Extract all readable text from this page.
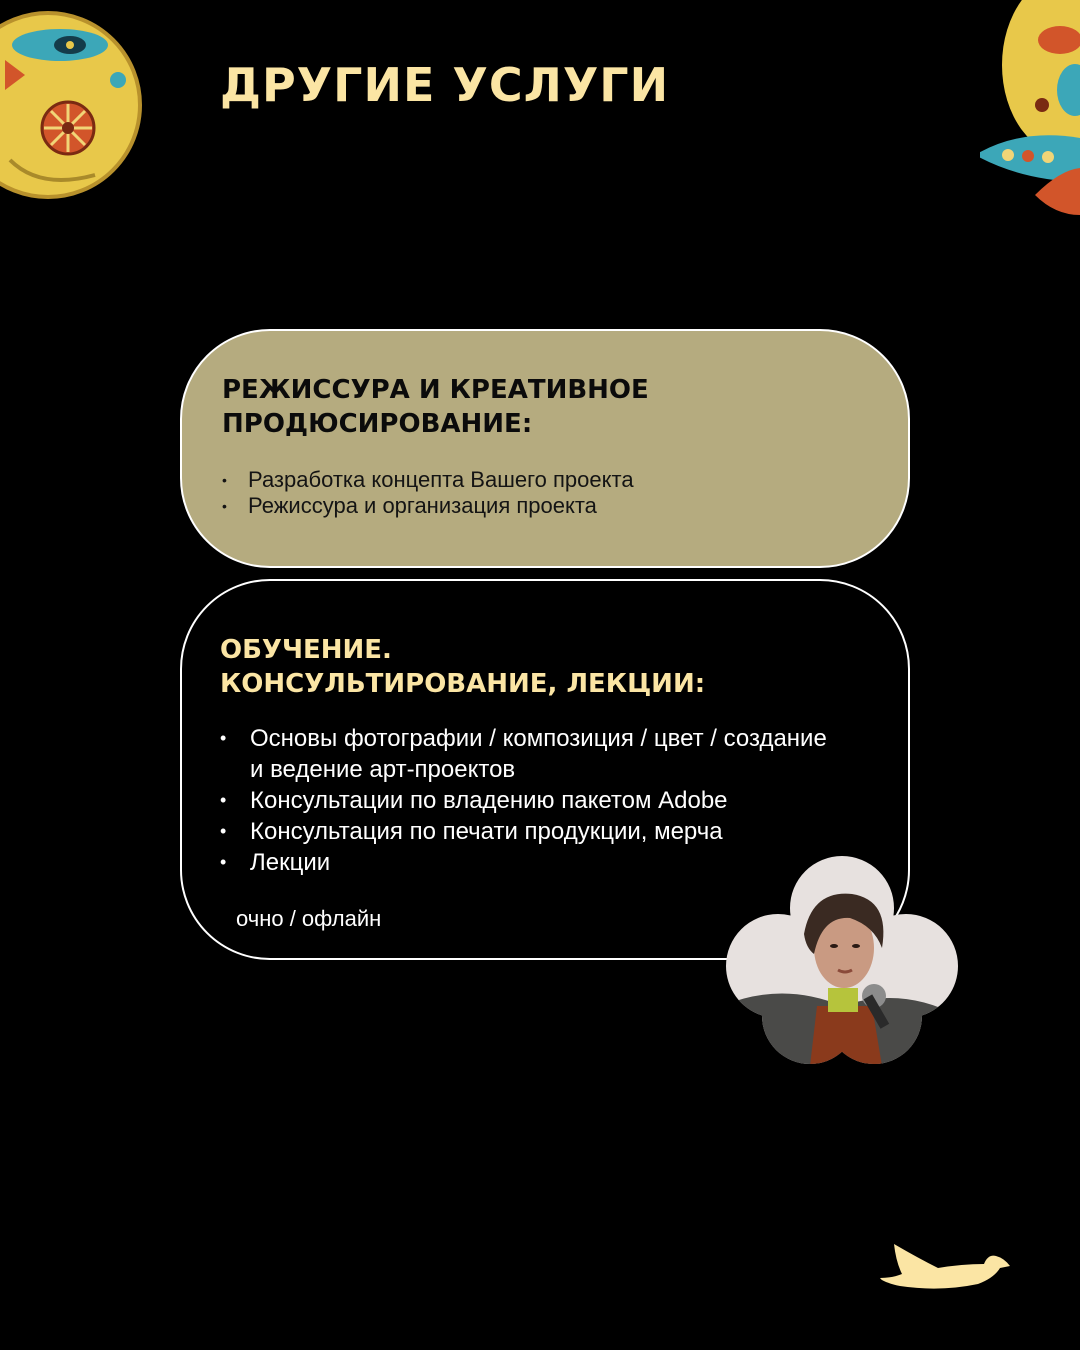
ДРУГИЕ УСЛУГИ
РЕЖИССУРА И КРЕАТИВНОЕ ПРОДЮСИРОВАНИЕ:
• Разработка концепта Вашего проекта
• Режиссура и организация проекта
ОБУЧЕНИЕ.
КОНСУЛЬТИРОВАНИЕ, ЛЕКЦИИ:
• Основы фотографии / композиция / цвет / создание и ведение арт-проектов
• Консультации по владению пакетом Adobe
• Консультация по печати продукции, мерча
• Лекции

очно / офлайн
